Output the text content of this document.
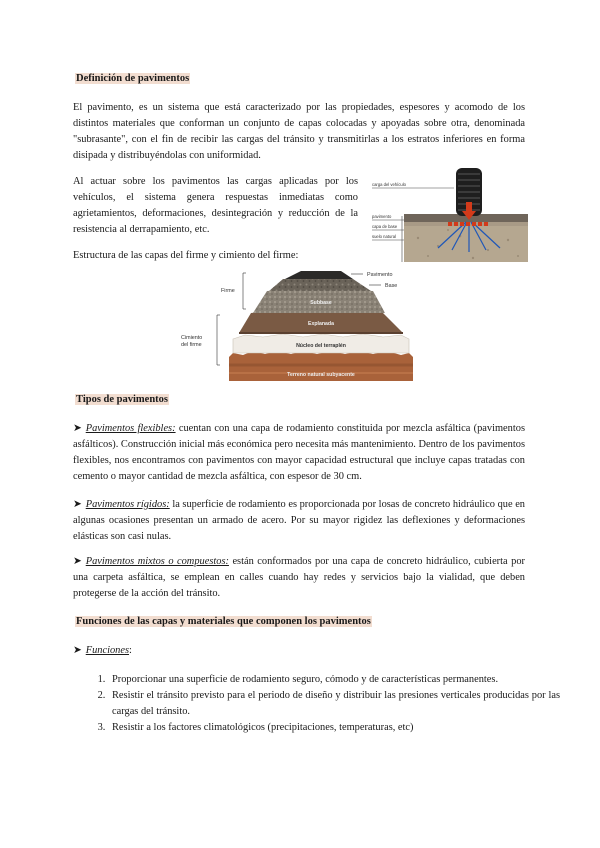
Definición de pavimentos
El pavimento, es un sistema que está caracterizado por las propiedades, espesores y acomodo de los distintos materiales que conforman un conjunto de capas colocadas y apoyadas sobre otra, denominada "subrasante", con el fin de recibir las cargas del tránsito y transmitirlas a los estratos inferiores en forma disipada y distribuyéndolas con uniformidad.
Al actuar sobre los pavimentos las cargas aplicadas por los vehículos, el sistema genera respuestas inmediatas como agrietamientos, deformaciones, desintegración y reducción de la resistencia al derrapamiento, etc.
carga del vehículo
pavimento
capa de base
suelo natural
Estructura de las capas del firme y cimiento del firme:
Firme
Cimiento del firme
Pavimento
Base
Subbase
Explanada
Núcleo del terraplén
Terreno natural subyacente
Tipos de pavimentos
➤ Pavimentos flexibles: cuentan con una capa de rodamiento constituida por mezcla asfáltica (pavimentos asfálticos). Construcción inicial más económica pero necesita más mantenimiento. Dentro de los pavimentos flexibles, nos encontramos con pavimentos con mayor capacidad estructural que incluye capas tratadas con cemento o mayor cantidad de mezcla asfáltica, con espesor de 30 cm.
➤ Pavimentos rígidos: la superficie de rodamiento es proporcionada por losas de concreto hidráulico que en algunas ocasiones presentan un armado de acero. Por su mayor rigidez las deflexiones y deformaciones elásticas son casi nulas.
➤ Pavimentos mixtos o compuestos: están conformados por una capa de concreto hidráulico, cubierta por una carpeta asfáltica, se emplean en calles cuando hay redes y servicios bajo la vialidad, que deben protegerse de la acción del tránsito.
Funciones de las capas y materiales que componen los pavimentos
➤ Funciones:
1. Proporcionar una superficie de rodamiento seguro, cómodo y de características permanentes.
2. Resistir el tránsito previsto para el periodo de diseño y distribuir las presiones verticales producidas por las cargas del tránsito.
3. Resistir a los factores climatológicos (precipitaciones, temperaturas, etc)
